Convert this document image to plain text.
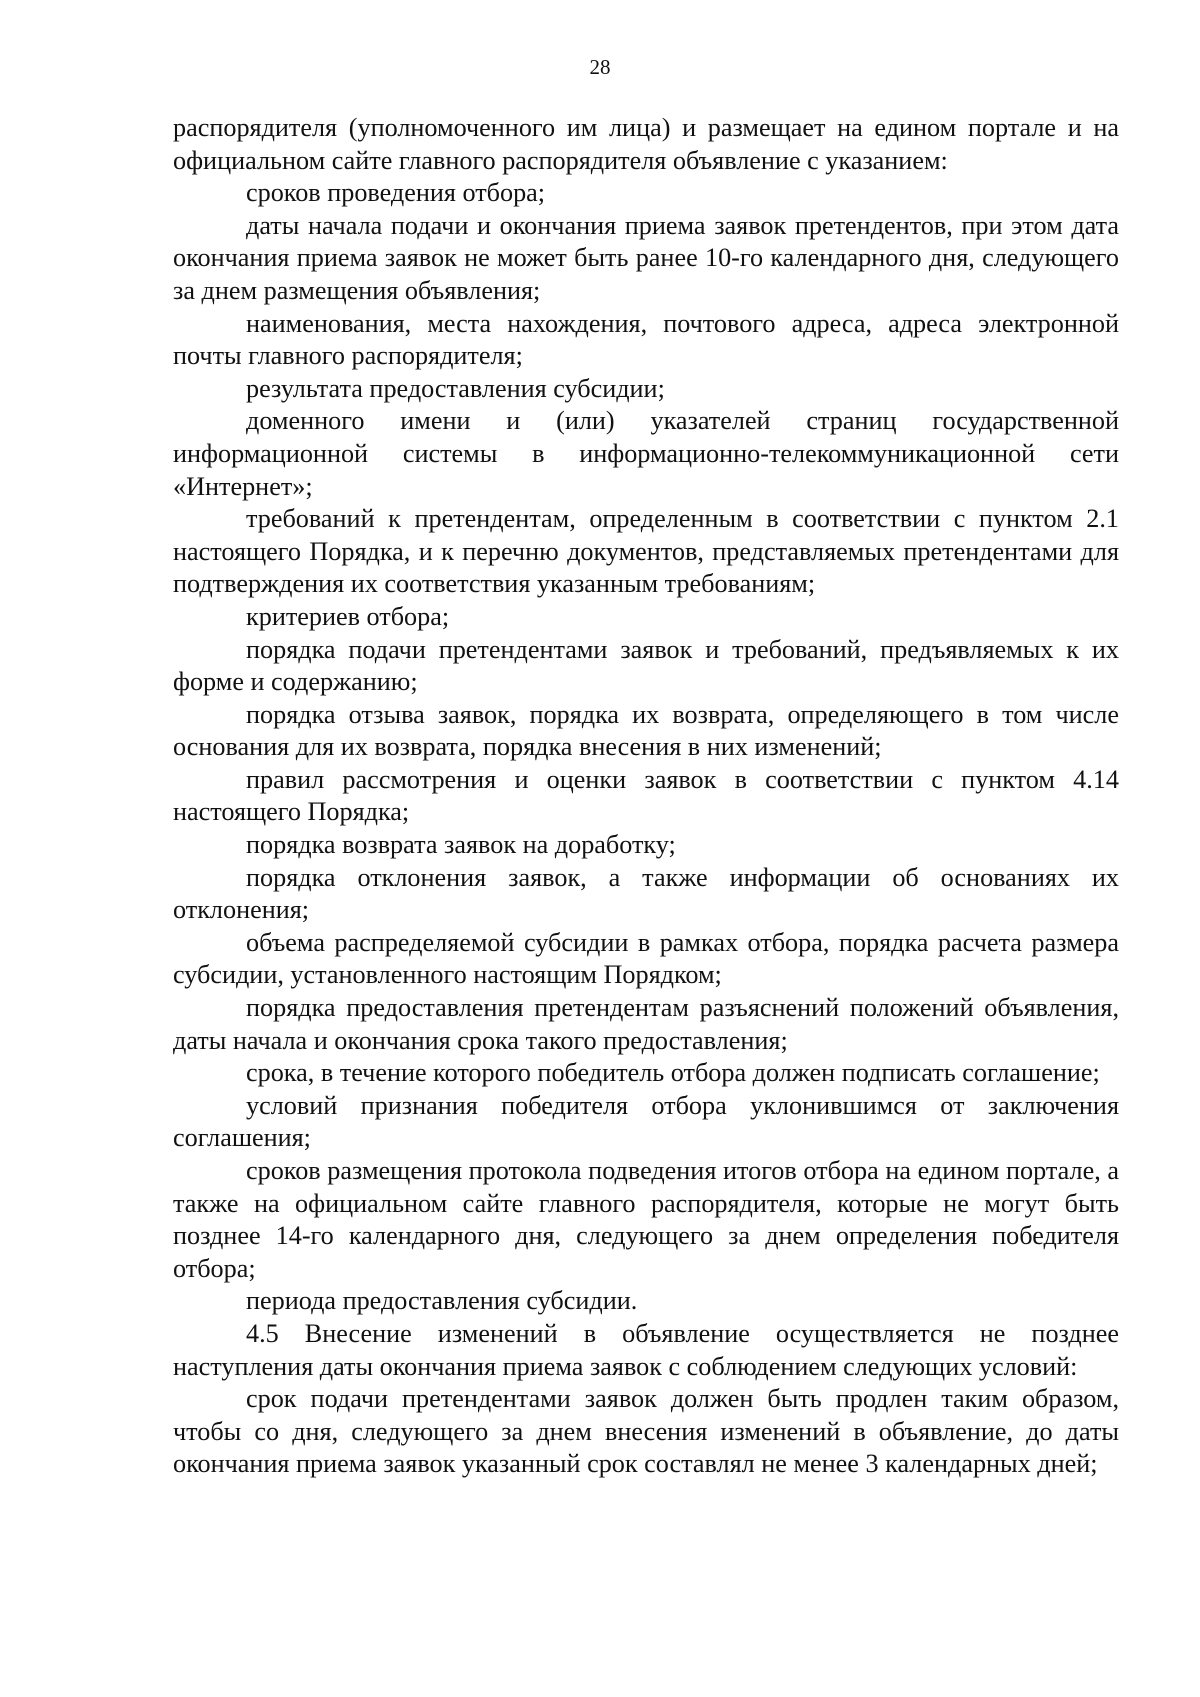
28

распорядителя (уполномоченного им лица) и размещает на едином портале и на официальном сайте главного распорядителя объявление с указанием:

сроков проведения отбора;

даты начала подачи и окончания приема заявок претендентов, при этом дата окончания приема заявок не может быть ранее 10-го календарного дня, следующего за днем размещения объявления;

наименования, места нахождения, почтового адреса, адреса электронной почты главного распорядителя;

результата предоставления субсидии;

доменного имени и (или) указателей страниц государственной информационной системы в информационно-телекоммуникационной сети «Интернет»;

требований к претендентам, определенным в соответствии с пунктом 2.1 настоящего Порядка, и к перечню документов, представляемых претендентами для подтверждения их соответствия указанным требованиям;

критериев отбора;

порядка подачи претендентами заявок и требований, предъявляемых к их форме и содержанию;

порядка отзыва заявок, порядка их возврата, определяющего в том числе основания для их возврата, порядка внесения в них изменений;

правил рассмотрения и оценки заявок в соответствии с пунктом 4.14 настоящего Порядка;

порядка возврата заявок на доработку;

порядка отклонения заявок, а также информации об основаниях их отклонения;

объема распределяемой субсидии в рамках отбора, порядка расчета размера субсидии, установленного настоящим Порядком;

порядка предоставления претендентам разъяснений положений объявления, даты начала и окончания срока такого предоставления;

срока, в течение которого победитель отбора должен подписать соглашение;

условий признания победителя отбора уклонившимся от заключения соглашения;

сроков размещения протокола подведения итогов отбора на едином портале, а также на официальном сайте главного распорядителя, которые не могут быть позднее 14-го календарного дня, следующего за днем определения победителя отбора;

периода предоставления субсидии.

4.5 Внесение изменений в объявление осуществляется не позднее наступления даты окончания приема заявок с соблюдением следующих условий:

срок подачи претендентами заявок должен быть продлен таким образом, чтобы со дня, следующего за днем внесения изменений в объявление, до даты окончания приема заявок указанный срок составлял не менее 3 календарных дней;
